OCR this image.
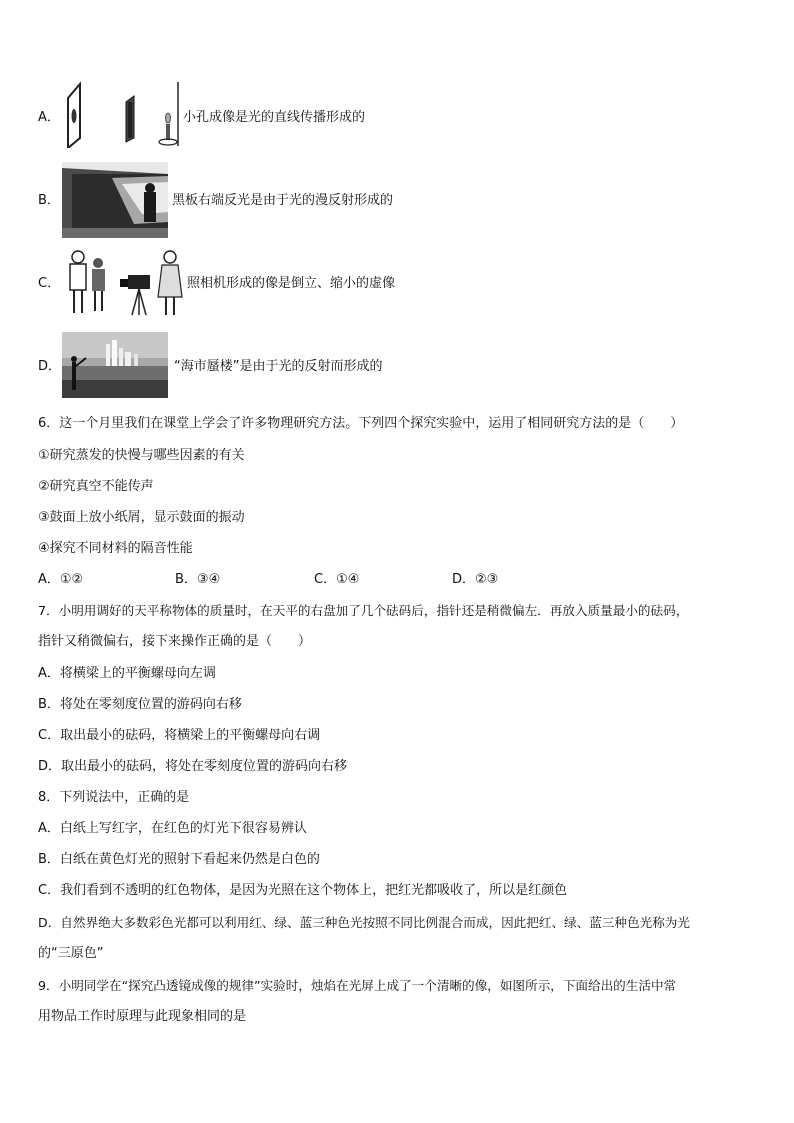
A．	小孔成像是光的直线传播形成的
B．	黑板右端反光是由于光的漫反射形成的
C．	照相机形成的像是倒立、缩小的虚像
D．	“海市蜃楼”是由于光的反射而形成的
6．这一个月里我们在课堂上学会了许多物理研究方法。下列四个探究实验中，运用了相同研究方法的是（　　）
①研究蒸发的快慢与哪些因素的有关
②研究真空不能传声
③鼓面上放小纸屑，显示鼓面的振动
④探究不同材料的隔音性能
A．①②	B．③④	C．①④	D．②③
7．小明用调好的天平称物体的质量时，在天平的右盘加了几个砝码后，指针还是稍微偏左．再放入质量最小的砝码，
指针又稍微偏右，接下来操作正确的是（　　）
A．将横梁上的平衡螺母向左调
B．将处在零刻度位置的游码向右移
C．取出最小的砝码，将横梁上的平衡螺母向右调
D．取出最小的砝码，将处在零刻度位置的游码向右移
8．下列说法中，正确的是
A．白纸上写红字，在红色的灯光下很容易辨认
B．白纸在黄色灯光的照射下看起来仍然是白色的
C．我们看到不透明的红色物体，是因为光照在这个物体上，把红光都吸收了，所以是红颜色
D．自然界绝大多数彩色光都可以利用红、绿、蓝三种色光按照不同比例混合而成，因此把红、绿、蓝三种色光称为光
的“三原色”
9．小明同学在“探究凸透镜成像的规律”实验时，烛焰在光屏上成了一个清晰的像，如图所示，下面给出的生活中常
用物品工作时原理与此现象相同的是
